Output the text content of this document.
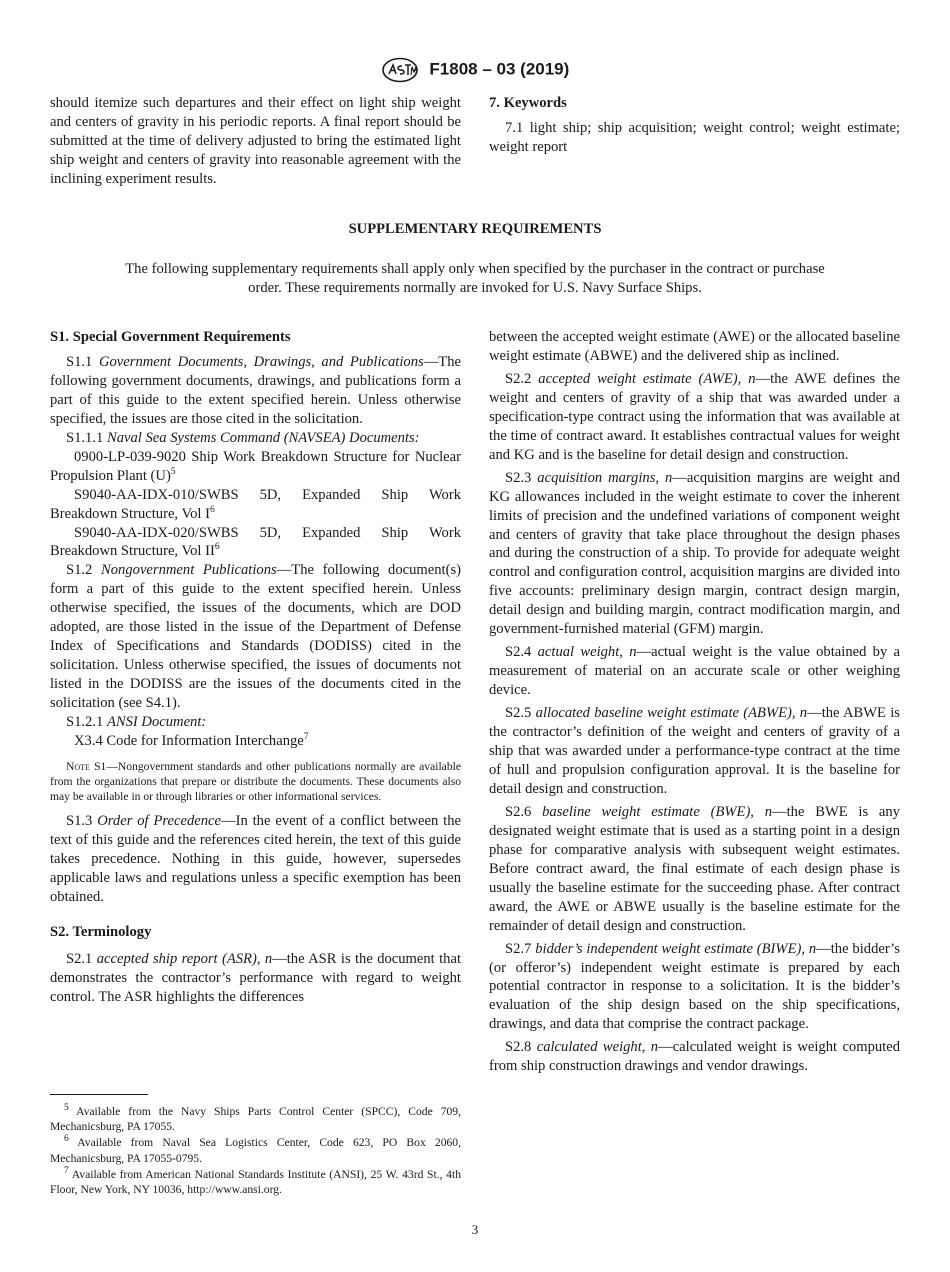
F1808 – 03 (2019)

should itemize such departures and their effect on light ship weight and centers of gravity in his periodic reports. A final report should be submitted at the time of delivery adjusted to bring the estimated light ship weight and centers of gravity into reasonable agreement with the inclining experiment results.

7. Keywords

7.1 light ship; ship acquisition; weight control; weight estimate; weight report

SUPPLEMENTARY REQUIREMENTS
The following supplementary requirements shall apply only when specified by the purchaser in the contract or purchase order. These requirements normally are invoked for U.S. Navy Surface Ships.

S1. Special Government Requirements

S1.1 Government Documents, Drawings, and Publications—The following government documents, drawings, and publications form a part of this guide to the extent specified herein. Unless otherwise specified, the issues are those cited in the solicitation.

S1.1.1 Naval Sea Systems Command (NAVSEA) Documents:

0900-LP-039-9020 Ship Work Breakdown Structure for Nuclear Propulsion Plant $(U)^5$

S9040-AA-IDX-010/SWBS 5D, Expanded Ship Work Breakdown Structure, Vol $I^6$

S9040-AA-IDX-020/SWBS 5D, Expanded Ship Work Breakdown Structure, Vol $II^6$

S1.2 Nongovernment Publications—The following document(s) form a part of this guide to the extent specified herein. Unless otherwise specified, the issues of the documents, which are DOD adopted, are those listed in the issue of the Department of Defense Index of Specifications and Standards (DODISS) cited in the solicitation. Unless otherwise specified, the issues of documents not listed in the DODISS are the issues of the documents cited in the solicitation (see S4.1).

S1.2.1 ANSI Document:

X3.4 Code for Information Interchange$^7$

Note S1—Nongovernment standards and other publications normally are available from the organizations that prepare or distribute the documents. These documents also may be available in or through libraries or other informational services.

S1.3 Order of Precedence—In the event of a conflict between the text of this guide and the references cited herein, the text of this guide takes precedence. Nothing in this guide, however, supersedes applicable laws and regulations unless a specific exemption has been obtained.

S2. Terminology

S2.1 accepted ship report (ASR), n—the ASR is the document that demonstrates the contractor’s performance with regard to weight control. The ASR highlights the differences

$^5$ Available from the Navy Ships Parts Control Center (SPCC), Code 709, Mechanicsburg, PA 17055.

$^6$ Available from Naval Sea Logistics Center, Code 623, PO Box 2060, Mechanicsburg, PA 17055-0795.

$^7$ Available from American National Standards Institute (ANSI), 25 W. 43rd St., 4th Floor, New York, NY 10036, http://www.ansi.org.

between the accepted weight estimate (AWE) or the allocated baseline weight estimate (ABWE) and the delivered ship as inclined.

S2.2 accepted weight estimate (AWE), n—the AWE defines the weight and centers of gravity of a ship that was awarded under a specification-type contract using the information that was available at the time of contract award. It establishes contractual values for weight and KG and is the baseline for detail design and construction.

S2.3 acquisition margins, n—acquisition margins are weight and KG allowances included in the weight estimate to cover the inherent limits of precision and the undefined variations of component weight and centers of gravity that take place throughout the design phases and during the construction of a ship. To provide for adequate weight control and configuration control, acquisition margins are divided into five accounts: preliminary design margin, contract design margin, detail design and building margin, contract modification margin, and government-furnished material (GFM) margin.

S2.4 actual weight, n—actual weight is the value obtained by a measurement of material on an accurate scale or other weighing device.

S2.5 allocated baseline weight estimate (ABWE), n—the ABWE is the contractor’s definition of the weight and centers of gravity of a ship that was awarded under a performance-type contract at the time of hull and propulsion configuration approval. It is the baseline for detail design and construction.

S2.6 baseline weight estimate (BWE), n—the BWE is any designated weight estimate that is used as a starting point in a design phase for comparative analysis with subsequent weight estimates. Before contract award, the final estimate of each design phase is usually the baseline estimate for the succeeding phase. After contract award, the AWE or ABWE usually is the baseline estimate for the remainder of detail design and construction.

S2.7 bidder’s independent weight estimate (BIWE), n—the bidder’s (or offeror’s) independent weight estimate is prepared by each potential contractor in response to a solicitation. It is the bidder’s evaluation of the ship design based on the ship specifications, drawings, and data that comprise the contract package.

S2.8 calculated weight, n—calculated weight is weight computed from ship construction drawings and vendor drawings.

3
